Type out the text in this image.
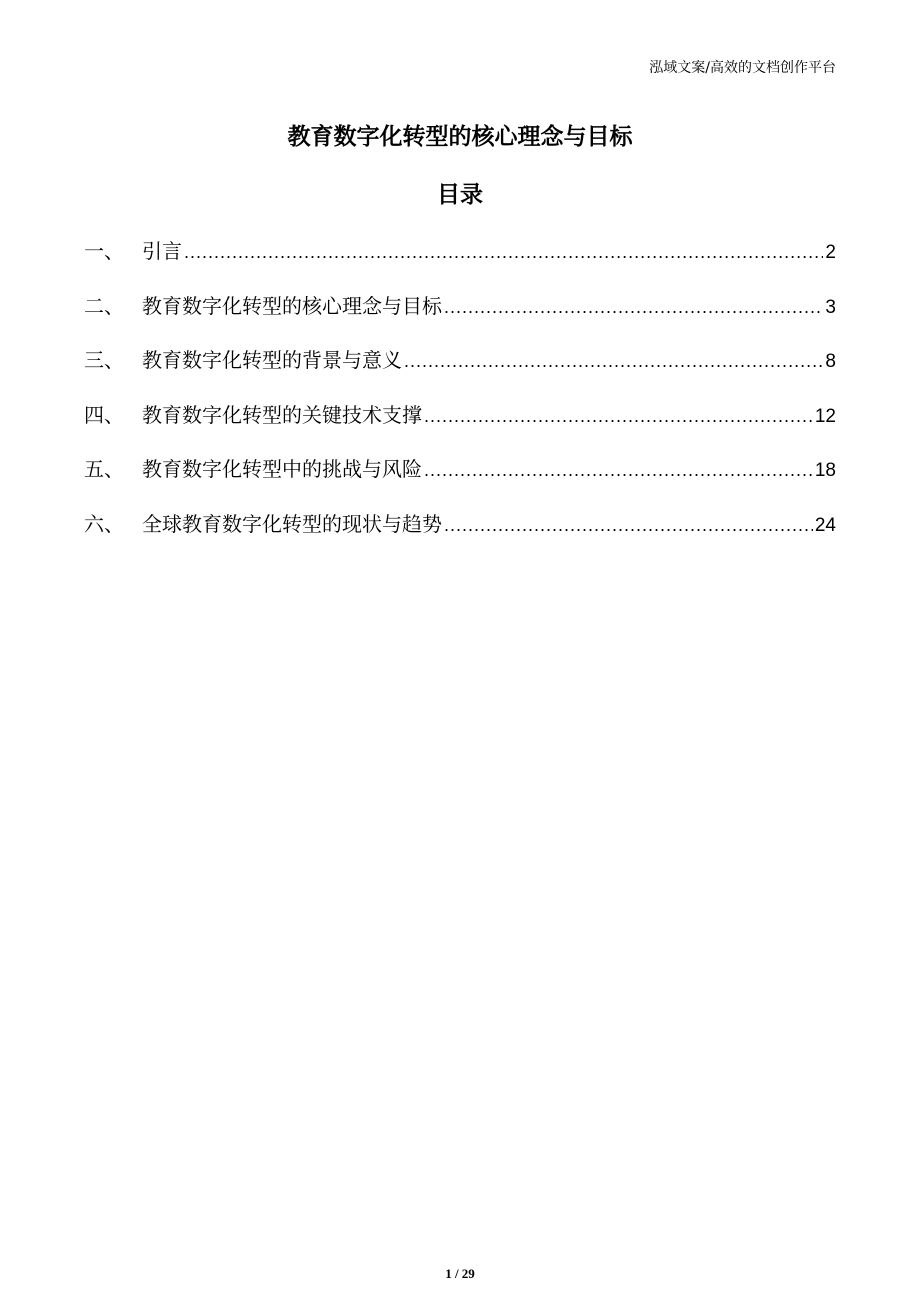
泓域文案/高效的文档创作平台
教育数字化转型的核心理念与目标
目录
一、 引言 .....	2
二、 教育数字化转型的核心理念与目标 .....	3
三、 教育数字化转型的背景与意义 .....	8
四、 教育数字化转型的关键技术支撑 .....	12
五、 教育数字化转型中的挑战与风险 .....	18
六、 全球教育数字化转型的现状与趋势 .....	24
1 / 29
